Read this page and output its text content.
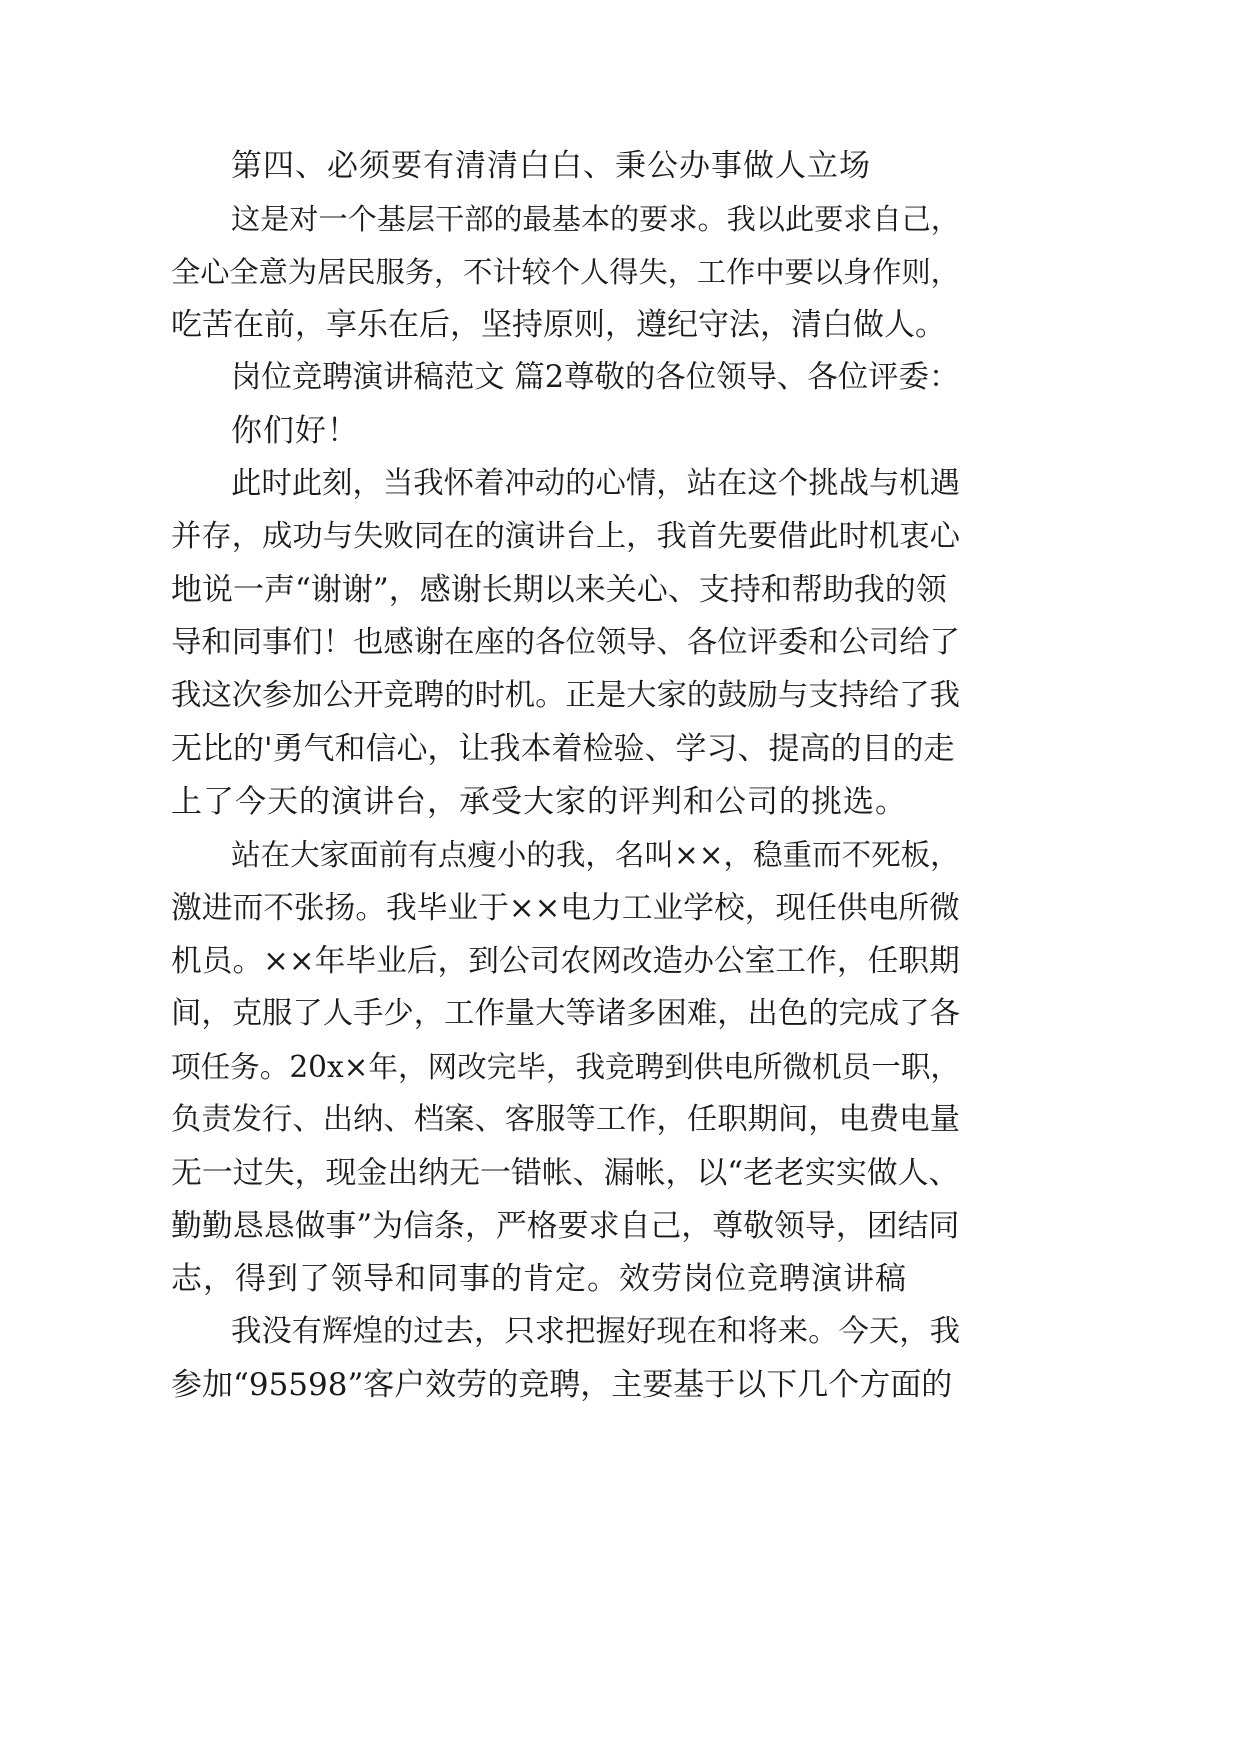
第四、必须要有清清白白、秉公办事做人立场
这是对一个基层干部的最基本的要求。我以此要求自己，
全心全意为居民服务，不计较个人得失，工作中要以身作则，
吃苦在前，享乐在后，坚持原则，遵纪守法，清白做人。
岗位竞聘演讲稿范文 篇2尊敬的各位领导、各位评委：
你们好！
此时此刻，当我怀着冲动的心情，站在这个挑战与机遇
并存，成功与失败同在的演讲台上，我首先要借此时机衷心
地说一声“谢谢”，感谢长期以来关心、支持和帮助我的领
导和同事们！也感谢在座的各位领导、各位评委和公司给了
我这次参加公开竞聘的时机。正是大家的鼓励与支持给了我
无比的'勇气和信心，让我本着检验、学习、提高的目的走
上了今天的演讲台，承受大家的评判和公司的挑选。
站在大家面前有点瘦小的我，名叫××，稳重而不死板，
激进而不张扬。我毕业于××电力工业学校，现任供电所微
机员。××年毕业后，到公司农网改造办公室工作，任职期
间，克服了人手少，工作量大等诸多困难，出色的完成了各
项任务。20x×年，网改完毕，我竞聘到供电所微机员一职，
负责发行、出纳、档案、客服等工作，任职期间，电费电量
无一过失，现金出纳无一错帐、漏帐，以“老老实实做人、
勤勤恳恳做事”为信条，严格要求自己，尊敬领导，团结同
志，得到了领导和同事的肯定。效劳岗位竞聘演讲稿
我没有辉煌的过去，只求把握好现在和将来。今天，我
参加“95598”客户效劳的竞聘，主要基于以下几个方面的
